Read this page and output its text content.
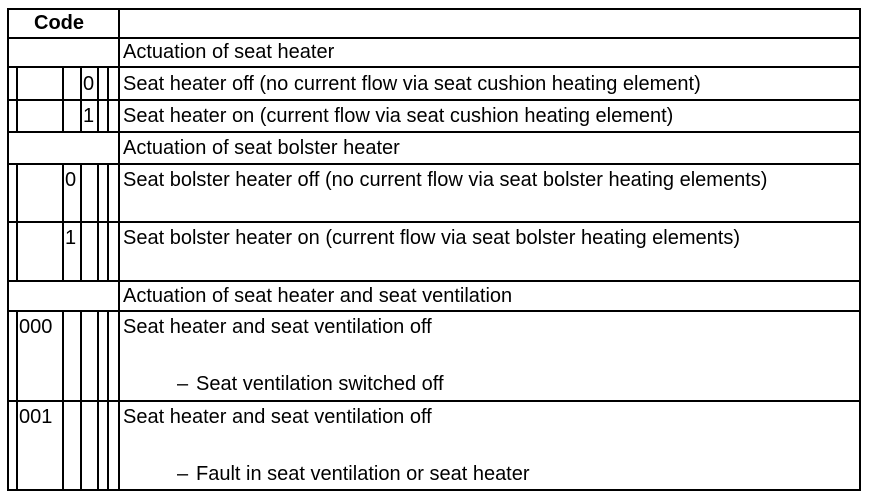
Code
Actuation of seat heater
0 Seat heater off (no current flow via seat cushion heating element)
1 Seat heater on (current flow via seat cushion heating element)
Actuation of seat bolster heater
0 Seat bolster heater off (no current flow via seat bolster heating elements)
1 Seat bolster heater on (current flow via seat bolster heating elements)
Actuation of seat heater and seat ventilation
000	Seat heater and seat ventilation off
– Seat ventilation switched off
001	Seat heater and seat ventilation off
– Fault in seat ventilation or seat heater
